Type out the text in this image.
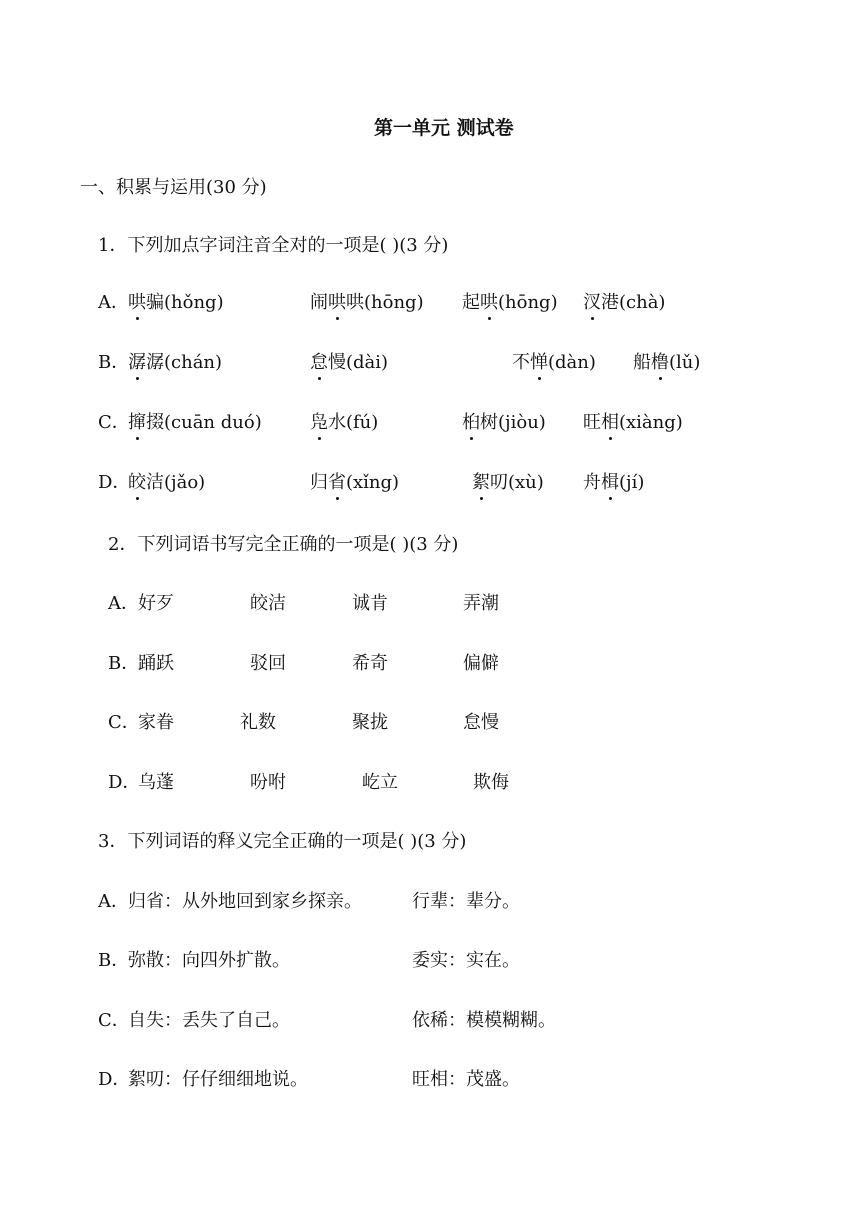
第一单元 测试卷
一、积累与运用(30 分)
1．下列加点字词注音全对的一项是( )(3 分)
A． 哄骗(hǒng)	闹哄哄(hōng) 起哄(hōng) 汊港(chà)
B．
潺潺(chán)	怠慢(dài)	不惮(dàn) 船橹(lǔ)
C．
撺掇(cuān duó)	凫水(fú)	桕树(jiòu) 旺相(xiàng)
D．
皎洁(jǎo)	归省(xǐng)	絮叨(xù) 舟楫(jí)
2．下列词语书写完全正确的一项是( )(3 分)
A． 好歹	皎洁	诚肯	弄潮
B．
踊跃	驳回	希奇	偏僻
C．
家眷	礼数	聚拢	怠慢
D．
乌蓬	吩咐	屹立	欺侮
3．下列词语的释义完全正确的一项是( )(3 分)
A． 归省：从外地回到家乡探亲。	行辈：辈分。
B．
弥散：向四外扩散。	委实：实在。
C．
自失：丢失了自己。	依稀：模模糊糊。
D．
絮叨：仔仔细细地说。	旺相：茂盛。
